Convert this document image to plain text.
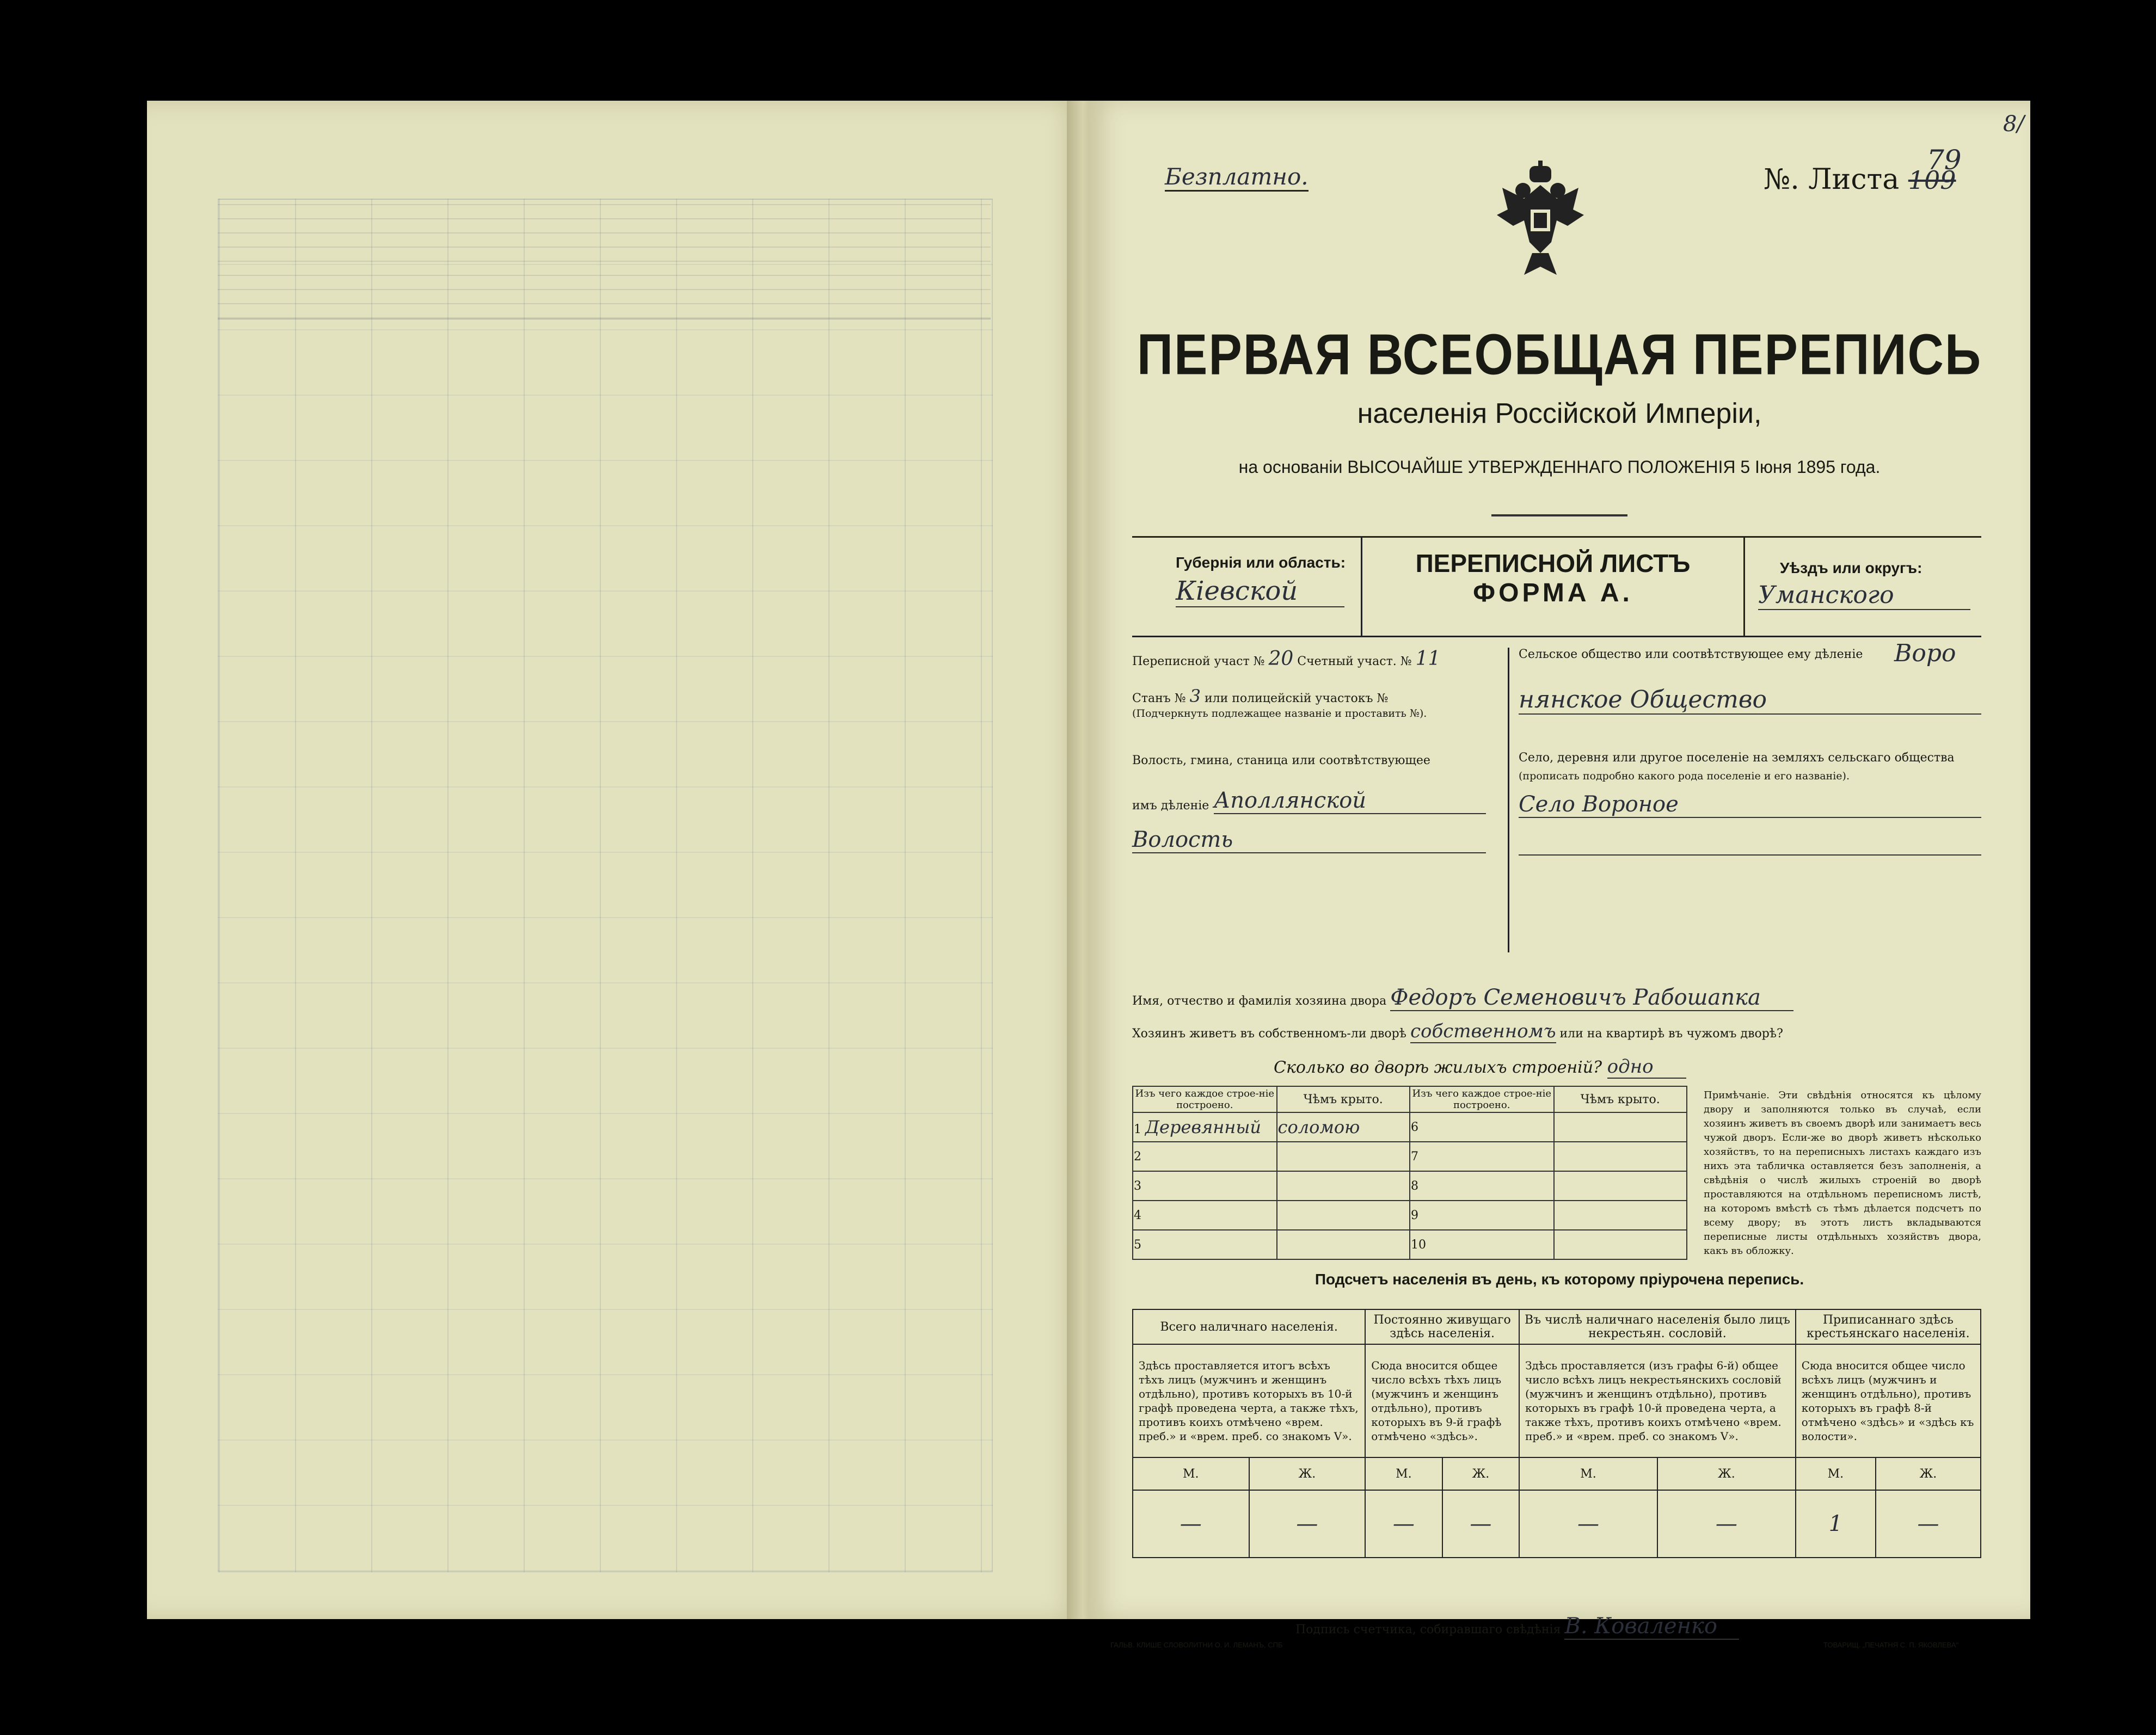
Безплатно.	№. Листа 109
79
8/
ПЕРВАЯ ВСЕОБЩАЯ ПЕРЕПИСЬ
населенія Россійской Имперіи,
на основаніи ВЫСОЧАЙШЕ УТВЕРЖДЕННАГО ПОЛОЖЕНІЯ 5 Іюня 1895 года.
Губернія или область:
Кіевской
ПЕРЕПИСНОЙ ЛИСТЪ
ФОРМА А.
Уѣздъ или округъ:
Уманского
Переписной участ № 20 Счетный участ. № 11
Станъ № 3 или полицейскій участокъ №
(Подчеркнуть подлежащее названіе и проставить №).
Волость, гмина, станица или соотвѣтствующее
имъ дѣленіе Аполлянской
Волость
Сельское общество или соотвѣтствующее ему дѣленіе Воро
нянское Общество
Село, деревня или другое поселеніе на земляхъ сельскаго общества
(прописать подробно какого рода поселеніе и его названіе).
Село Вороное
Имя, отчество и фамилія хозяина двора Федоръ Семеновичъ Рабошапка
Хозяинъ живетъ въ собственномъ-ли дворѣ собственномъ или на квартирѣ въ чужомъ дворѣ?
Сколько во дворѣ жилыхъ строеній? одно
Изъ чего каждое строе-ніе построено.	Чѣмъ крыто.	Изъ чего каждое строе-ніе построено.	Чѣмъ крыто.
1 Деревянный	соломою	6	
2		7	
3		8	
4		9	
5		10	
Примѣчаніе. Эти свѣдѣнія относятся къ цѣлому двору и заполняются только въ случаѣ, если хозяинъ живетъ въ своемъ дворѣ или занимаетъ весь чужой дворъ. Если-же во дворѣ живетъ нѣсколько хозяйствъ, то на переписныхъ листахъ каждаго изъ нихъ эта табличка оставляется безъ заполненія, а свѣдѣнія о числѣ жилыхъ строеній во дворѣ проставляются на отдѣльномъ переписномъ листѣ, на которомъ вмѣстѣ съ тѣмъ дѣлается подсчетъ по всему двору; въ этотъ листъ вкладываются переписные листы отдѣльныхъ хозяйствъ двора, какъ въ обложку.
Подсчетъ населенія въ день, къ которому пріурочена перепись.
Всего наличнаго населенія.		Постоянно живущаго здѣсь населенія.		Въ числѣ наличнаго населенія было лицъ некрестьян. сословій.		Приписаннаго здѣсь крестьянскаго населенія.	
Здѣсь проставляется итогъ всѣхъ тѣхъ лицъ (мужчинъ и женщинъ отдѣльно), противъ которыхъ въ 10-й графѣ проведена черта, а также тѣхъ, противъ коихъ отмѣчено «врем. преб.» и «врем. преб. со знакомъ V».		Сюда вносится общее число всѣхъ тѣхъ лицъ (мужчинъ и женщинъ отдѣльно), противъ которыхъ въ 9-й графѣ отмѣчено «здѣсь».		Здѣсь проставляется (изъ графы 6-й) общее число всѣхъ лицъ некрестьянскихъ сословій (мужчинъ и женщинъ отдѣльно), противъ которыхъ въ графѣ 10-й проведена черта, а также тѣхъ, противъ коихъ отмѣчено «врем. преб.» и «врем. преб. со знакомъ V».		Сюда вносится общее число всѣхъ лицъ (мужчинъ и женщинъ отдѣльно), противъ которыхъ въ графѣ 8-й отмѣчено «здѣсь» и «здѣсь къ волости».	
М.	Ж.	М.	Ж.	М.	Ж.	М.	Ж.
—	—	—	—	—	—	1	—
Подпись счетчика, собиравшаго свѣдѣнія В. Коваленко
ГАЛЬВ. КЛИШЕ СЛОВОЛИТНИ О. И. ЛЕМАНЪ, СПБ	ТОВАРИЩ. „ПЕЧАТНЯ С. П. ЯКОВЛЕВА"
